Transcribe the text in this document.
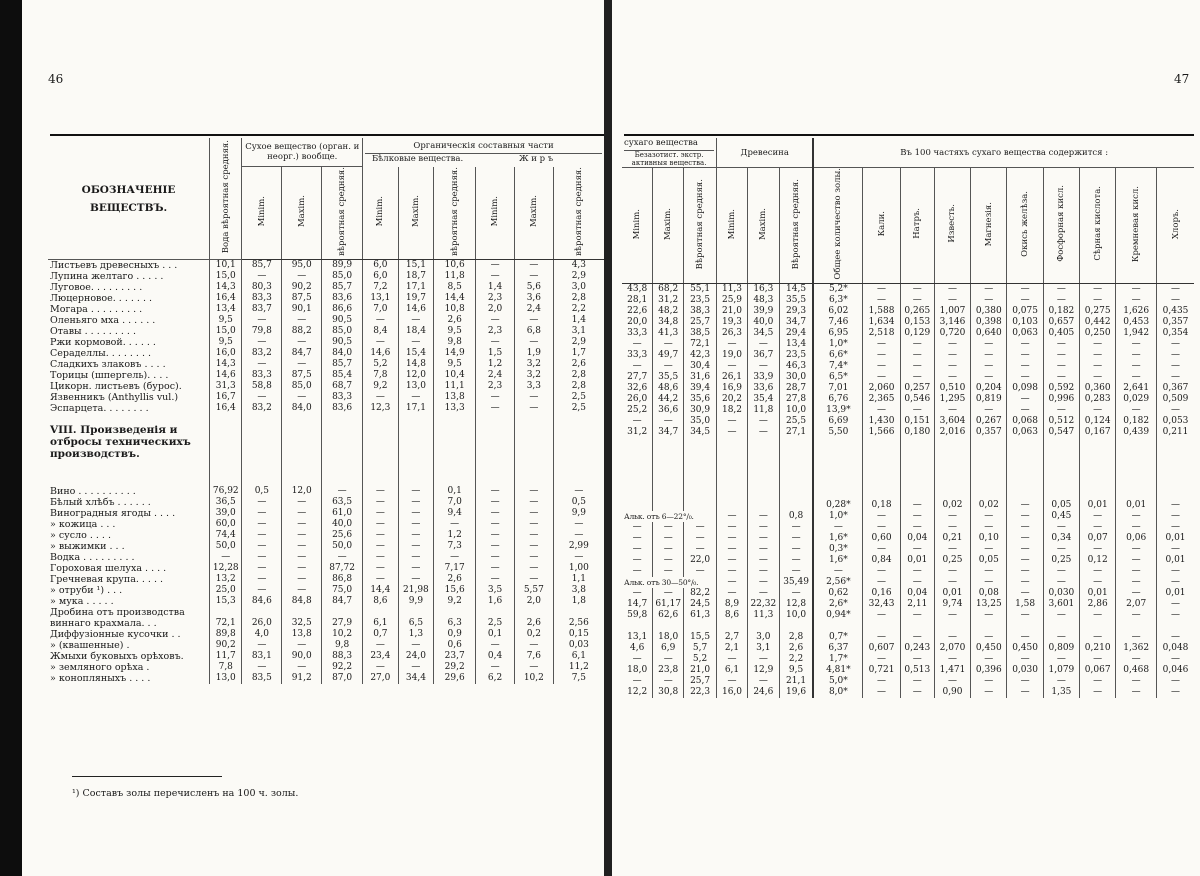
46
ОБОЗНАЧЕНІЕ ВЕЩЕСТВЪ.	Вода вѣроятная средняя.	Сухое вещество (орган. и неорг.) вообще.			Органическія составныя части
Бѣлковые вещества. Ж и р ъ					

		Minim.	Maxim.	вѣроятная средняя.	Minim.	Maxim.	вѣроятная средняя.	Minim.	Maxim.	вѣроятная средняя.
Листьевъ древесныхъ . . .	10,1	85,7	95,0	89,9	6,0	15,1	10,6	—	—	4,3
Лупина желтаго . . . . .	15,0	—	—	85,0	6,0	18,7	11,8	—	—	2,9
Луговое. . . . . . . . .	14,3	80,3	90,2	85,7	7,2	17,1	8,5	1,4	5,6	3,0
Люцерновое. . . . . . .	16,4	83,3	87,5	83,6	13,1	19,7	14,4	2,3	3,6	2,8
Могара . . . . . . . . .	13,4	83,7	90,1	86,6	7,0	14,6	10,8	2,0	2,4	2,2
Оленьяго мха . . . . . .	9,5	—	—	90,5	—	—	2,6	—	—	1,4
Отавы . . . . . . . . .	15,0	79,8	88,2	85,0	8,4	18,4	9,5	2,3	6,8	3,1
Ржи кормовой. . . . . .	9,5	—	—	90,5	—	—	9,8	—	—	2,9
Сераделлы. . . . . . . .	16,0	83,2	84,7	84,0	14,6	15,4	14,9	1,5	1,9	1,7
Сладкихъ злаковъ . . . .	14,3	—	—	85,7	5,2	14,8	9,5	1,2	3,2	2,6
Торицы (шпергель). . . .	14,6	83,3	87,5	85,4	7,8	12,0	10,4	2,4	3,2	2,8
Цикорн. листьевъ (бурос).	31,3	58,8	85,0	68,7	9,2	13,0	11,1	2,3	3,3	2,8
Язвенникъ (Anthyllis vul.)	16,7	—	—	83,3	—	—	13,8	—	—	2,5
Эспарцета. . . . . . . .	16,4	83,2	84,0	83,6	12,3	17,1	13,3	—	—	2,5
VIII. Произведенія и отбросы техническихъ производствъ.										
Вино . . . . . . . . . .	76,92	0,5	12,0	—	—	—	0,1	—	—	—
Бѣлый хлѣбъ . . . . . .	36,5	—	—	63,5	—	—	7,0	—	—	0,5
Виноградныя ягоды . . . .	39,0	—	—	61,0	—	—	9,4	—	—	9,9
» кожица . . .	60,0	—	—	40,0	—	—	—	—	—	—
» сусло . . . .	74,4	—	—	25,6	—	—	1,2	—	—	—
» выжимки . . .	50,0	—	—	50,0	—	—	7,3	—	—	2,99
Водка . . . . . . . . .	—	—	—	—	—	—	—	—	—	—
Гороховая шелуха . . . .	12,28	—	—	87,72	—	—	7,17	—	—	1,00
Гречневая крупа. . . . .	13,2	—	—	86,8	—	—	2,6	—	—	1,1
» отруби ¹) . . .	25,0	—	—	75,0	14,4	21,98	15,6	3,5	5,57	3,8
» мука . . . . .	15,3	84,6	84,8	84,7	8,6	9,9	9,2	1,6	2,0	1,8
Дробина отъ производства										
виннаго крахмала. . .	72,1	26,0	32,5	27,9	6,1	6,5	6,3	2,5	2,6	2,56
Диффузіонные кусочки . .	89,8	4,0	13,8	10,2	0,7	1,3	0,9	0,1	0,2	0,15
» (квашенные) .	90,2	—	—	9,8	—	—	0,6	—	—	0,03
Жмыхи буковыхъ орѣховъ.	11,7	83,1	90,0	88,3	23,4	24,0	23,7	0,4	7,6	6,1
» земляного орѣха .	7,8	—	—	92,2	—	—	29,2	—	—	11,2
» конопляныхъ . . . .	13,0	83,5	91,2	87,0	27,0	34,4	29,6	6,2	10,2	7,5
¹) Составъ золы перечисленъ на 100 ч. золы.
47
сухаго вещества
Безазотист. экстр. активныя вещества.			Древесина			Въ 100 частяхъ сухаго вещества содержится :									
Minim.	Maxim.	Вѣроятная средняя.	Minim.	Maxim.	Вѣроятная средняя.	Общее количество золы.	Кали.	Натръ.	Известь.	Магнезія.	Окись желѣза.	Фосфорная кисл.	Сѣрная кислота.	Кремневая кисл.	Хлоръ.
43,8	68,2	55,1	11,3	16,3	14,5	5,2*	—	—	—	—	—	—	—	—	—
28,1	31,2	23,5	25,9	48,3	35,5	6,3*	—	—	—	—	—	—	—	—	—
22,6	48,2	38,3	21,0	39,9	29,3	6,02	1,588	0,265	1,007	0,380	0,075	0,182	0,275	1,626	0,435
20,0	34,8	25,7	19,3	40,0	34,7	7,46	1,634	0,153	3,146	0,398	0,103	0,657	0,442	0,453	0,357
33,3	41,3	38,5	26,3	34,5	29,4	6,95	2,518	0,129	0,720	0,640	0,063	0,405	0,250	1,942	0,354
—	—	72,1	—	—	13,4	1,0*	—	—	—	—	—	—	—	—	—
33,3	49,7	42,3	19,0	36,7	23,5	6,6*	—	—	—	—	—	—	—	—	—
—	—	30,4	—	—	46,3	7,4*	—	—	—	—	—	—	—	—	—
27,7	35,5	31,6	26,1	33,9	30,0	6,5*	—	—	—	—	—	—	—	—	—
32,6	48,6	39,4	16,9	33,6	28,7	7,01	2,060	0,257	0,510	0,204	0,098	0,592	0,360	2,641	0,367
26,0	44,2	35,6	20,2	35,4	27,8	6,76	2,365	0,546	1,295	0,819	—	0,996	0,283	0,029	0,509
25,2	36,6	30,9	18,2	11,8	10,0	13,9*	—	—	—	—	—	—	—	—	—
—	—	35,0	—	—	25,5	6,69	1,430	0,151	3,604	0,267	0,068	0,512	0,124	0,182	0,053
31,2	34,7	34,5	—	—	27,1	5,50	1,566	0,180	2,016	0,357	0,063	0,547	0,167	0,439	0,211

						0,28*	0,18	—	0,02	0,02	—	0,05	0,01	0,01	—
Альк. отъ 6—22°/₀.			—	—	0,8	1,0*	—	—	—	—	—	0,45	—	—	—
—	—	—	—	—	—	—	—	—	—	—	—	—	—	—	—
—	—	—	—	—	—	1,6*	0,60	0,04	0,21	0,10	—	0,34	0,07	0,06	0,01
—	—	—	—	—	—	0,3*	—	—	—	—	—	—	—	—	—
—	—	22,0	—	—	—	1,6*	0,84	0,01	0,25	0,05	—	0,25	0,12	—	0,01
—	—	—	—	—	—	—	—	—	—	—	—	—	—	—	—
Альк. отъ 30—50°/₀.			—	—	35,49	2,56*	—	—	—	—	—	—	—	—	—
—	—	82,2	—	—	—	0,62	0,16	0,04	0,01	0,08	—	0,030	0,01	—	0,01
14,7	61,17	24,5	8,9	22,32	12,8	2,6*	32,43	2,11	9,74	13,25	1,58	3,601	2,86	2,07	—
59,8	62,6	61,3	8,6	11,3	10,0	0,94*	—	—	—	—	—	—	—	—	—

13,1	18,0	15,5	2,7	3,0	2,8	0,7*	—	—	—	—	—	—	—	—	—
4,6	6,9	5,7	2,1	3,1	2,6	6,37	0,607	0,243	2,070	0,450	0,450	0,809	0,210	1,362	0,048
—	—	5,2	—	—	2,2	1,7*	—	—	—	—	—	—	—	—	—
18,0	23,8	21,0	6,1	12,9	9,5	4,81*	0,721	0,513	1,471	0,396	0,030	1,079	0,067	0,468	0,046
—	—	25,7	—	—	21,1	5,0*	—	—	—	—	—	—	—	—	—
12,2	30,8	22,3	16,0	24,6	19,6	8,0*	—	—	0,90	—	—	1,35	—	—	—
